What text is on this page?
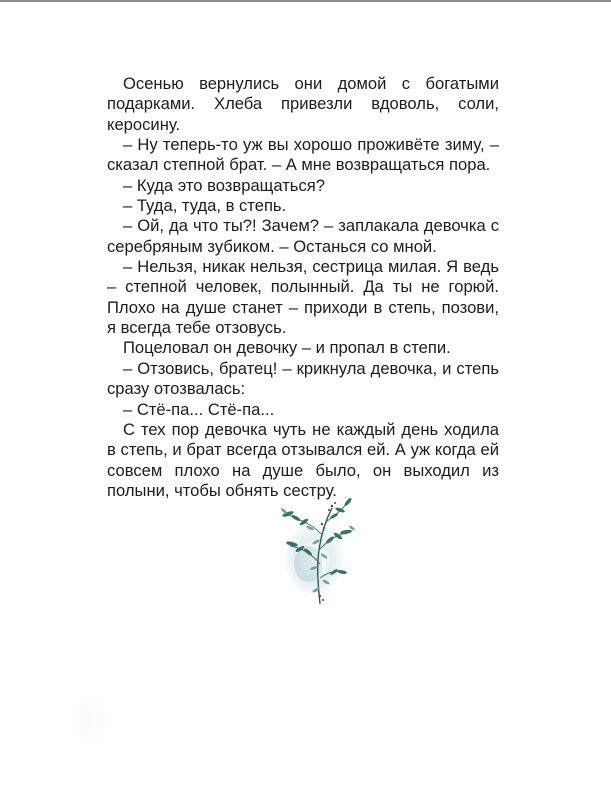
Осенью вернулись они домой с богатыми подарками. Хлеба привезли вдоволь, соли, керосину.

– Ну теперь-то уж вы хорошо проживёте зиму, – сказал степной брат. – А мне возвращаться пора.

– Куда это возвращаться?

– Туда, туда, в степь.

– Ой, да что ты?! Зачем? – заплакала девочка с серебряным зубиком. – Останься со мной.

– Нельзя, никак нельзя, сестрица милая. Я ведь – степной человек, полынный. Да ты не горюй. Плохо на душе станет – приходи в степь, позови, я всегда тебе отзовусь.

Поцеловал он девочку – и пропал в степи.

– Отзовись, братец! – крикнула девочка, и степь сразу отозвалась:

– Стё-па... Стё-па...

С тех пор девочка чуть не каждый день ходила в степь, и брат всегда отзывался ей. А уж когда ей совсем плохо на душе было, он выходил из полыни, чтобы обнять сестру.
